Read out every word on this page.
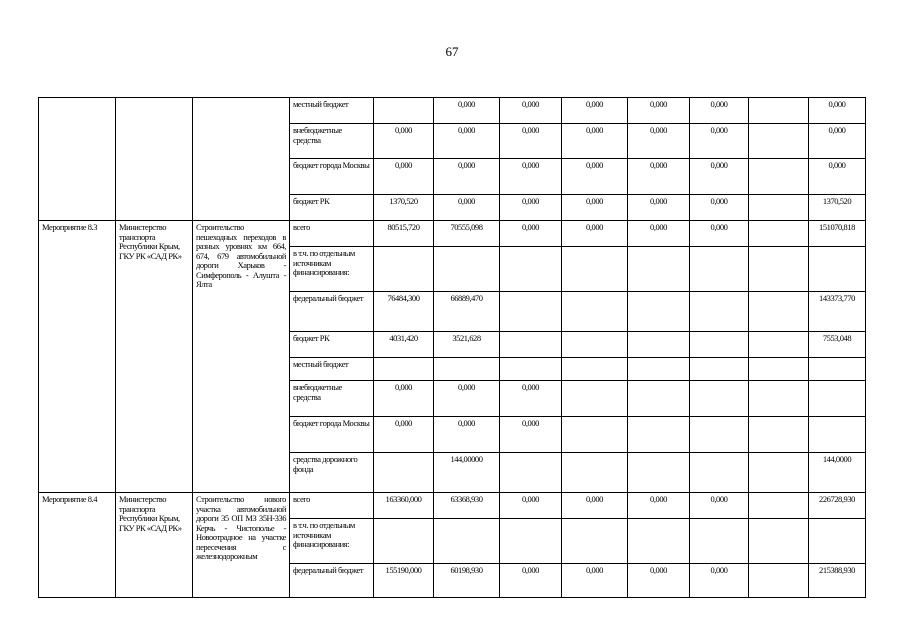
67
			местный бюджет		0,000	0,000	0,000	0,000	0,000		0,000
			внебюджетные средства	0,000	0,000	0,000	0,000	0,000	0,000		0,000
			бюджет города Москвы	0,000	0,000	0,000	0,000	0,000	0,000		0,000
			бюджет РК	1370,520	0,000	0,000	0,000	0,000	0,000		1370,520
Мероприятие 8.3	Министерство транспорта Республики Крым, ГКУ РК «САД РК»	Строительство пешеходных переходов в разных уровнях км 664, 674, 679 автомобильной дороги Харьков - Симферополь - Алушта - Ялта	всего	80515,720	70555,098	0,000	0,000	0,000	0,000		151070,818
			в т.ч. по отдельным источникам финансирования:								
			федеральный бюджет	76484,300	66889,470						143373,770
			бюджет РК	4031,420	3521,628						7553,048
			местный бюджет								
			внебюджетные средства	0,000	0,000	0,000					
			бюджет города Москвы	0,000	0,000	0,000					
			средства дорожного фонда		144,00000						144,0000
Мероприятие 8.4	Министерство транспорта Республики Крым, ГКУ РК «САД РК»	Строительство нового участка автомобильной дороги 35 ОП МЗ 35Н-336 Керчь - Чистополье - Новоотрадное на участке пересечения с железнодорожным	всего	163360,000	63368,930	0,000	0,000	0,000	0,000		226728,930
			в т.ч. по отдельным источникам финансирования:								
			федеральный бюджет	155190,000	60198,930	0,000	0,000	0,000	0,000		215388,930
